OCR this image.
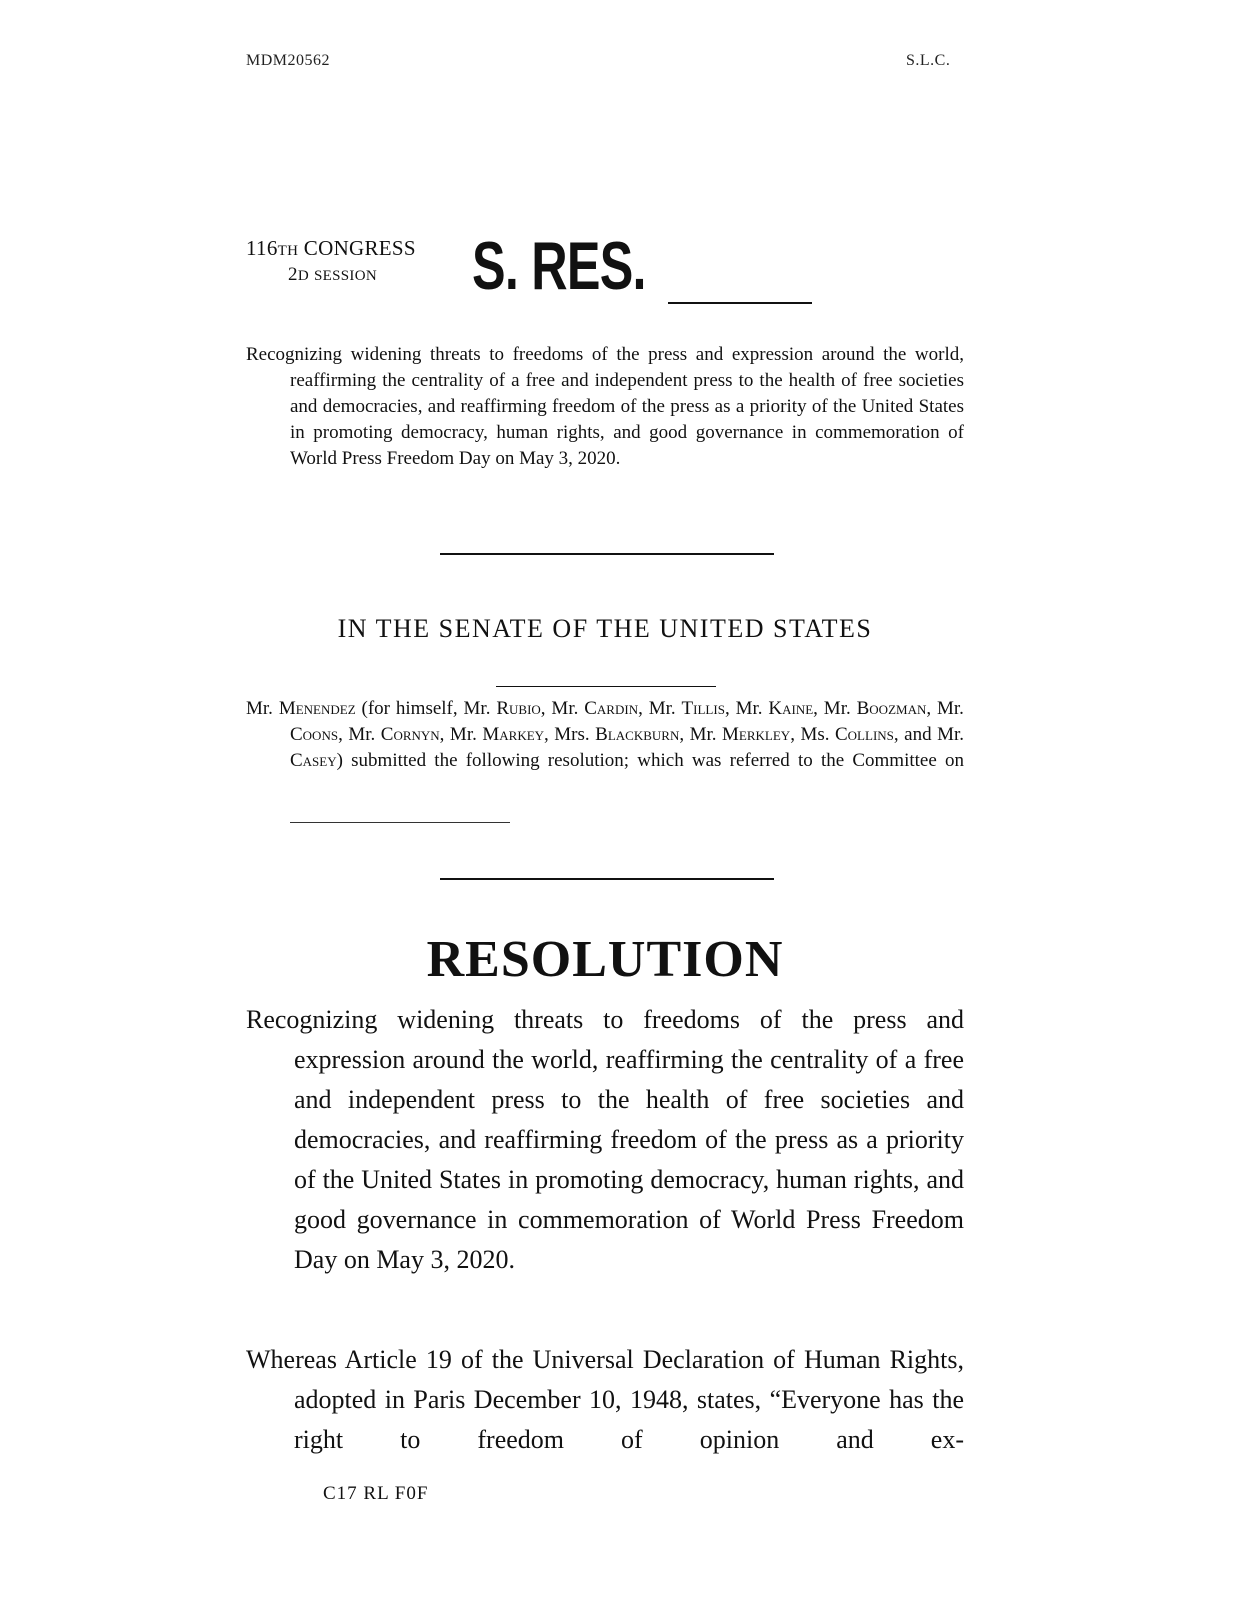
MDM20562	S.L.C.
116TH CONGRESS
2D SESSION	S. RES.
Recognizing widening threats to freedoms of the press and expression around the world, reaffirming the centrality of a free and independent press to the health of free societies and democracies, and reaffirming freedom of the press as a priority of the United States in promoting democracy, human rights, and good governance in commemoration of World Press Freedom Day on May 3, 2020.
IN THE SENATE OF THE UNITED STATES
Mr. Menendez (for himself, Mr. Rubio, Mr. Cardin, Mr. Tillis, Mr. Kaine, Mr. Boozman, Mr. Coons, Mr. Cornyn, Mr. Markey, Mrs. Blackburn, Mr. Merkley, Ms. Collins, and Mr. Casey) submitted the following resolution; which was referred to the Committee on
RESOLUTION
Recognizing widening threats to freedoms of the press and expression around the world, reaffirming the centrality of a free and independent press to the health of free societies and democracies, and reaffirming freedom of the press as a priority of the United States in promoting democracy, human rights, and good governance in commemoration of World Press Freedom Day on May 3, 2020.
Whereas Article 19 of the Universal Declaration of Human Rights, adopted in Paris December 10, 1948, states, “Everyone has the right to freedom of opinion and ex-
C17 RL F0F
